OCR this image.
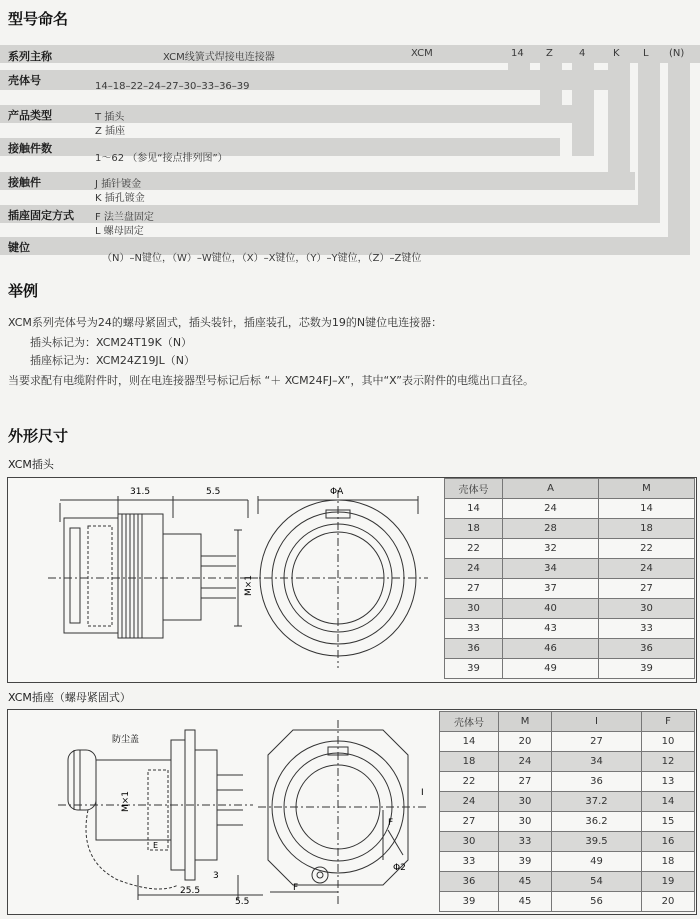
型号命名
系列主称	XCM线簧式焊接电连接器	XCM	14 Z	4	K L (N)
壳体号	14–18–22–24–27–30–33–36–39
产品类型	T 插头
Z 插座
接触件数
1～62 （参见“接点排列图”）
接触件	J 插针镀金
K 插孔镀金
插座固定方式 F 法兰盘固定
L 螺母固定
键位
（N）–N键位，（W）–W键位，（X）–X键位，（Y）–Y键位，（Z）–Z键位
举例
XCM系列壳体号为24的螺母紧固式，插头装针，插座装孔，芯数为19的N键位电连接器：
插头标记为：XCM24T19K（N）
插座标记为：XCM24Z19JL（N）
当要求配有电缆附件时，则在电连接器型号标记后标 “＋ XCM24FJ–X”，其中“X”表示附件的电缆出口直径。
外形尺寸
XCM插头
31.5	5.5	ΦA
M×1
壳体号	A	M
14	24	14
18	28	18
22	32	22
24	34	24
27	37	27
30	40	30
33	43	33
36	46	36
39	49	39
XCM插座（螺母紧固式）
防尘盖
M×1
3
25.5
5.5
F
F
I
Φ2
E
壳体号	M	I	F
14	20	27	10
18	24	34	12
22	27	36	13
24	30	37.2	14
27	30	36.2	15
30	33	39.5	16
33	39	49	18
36	45	54	19
39	45	56	20
